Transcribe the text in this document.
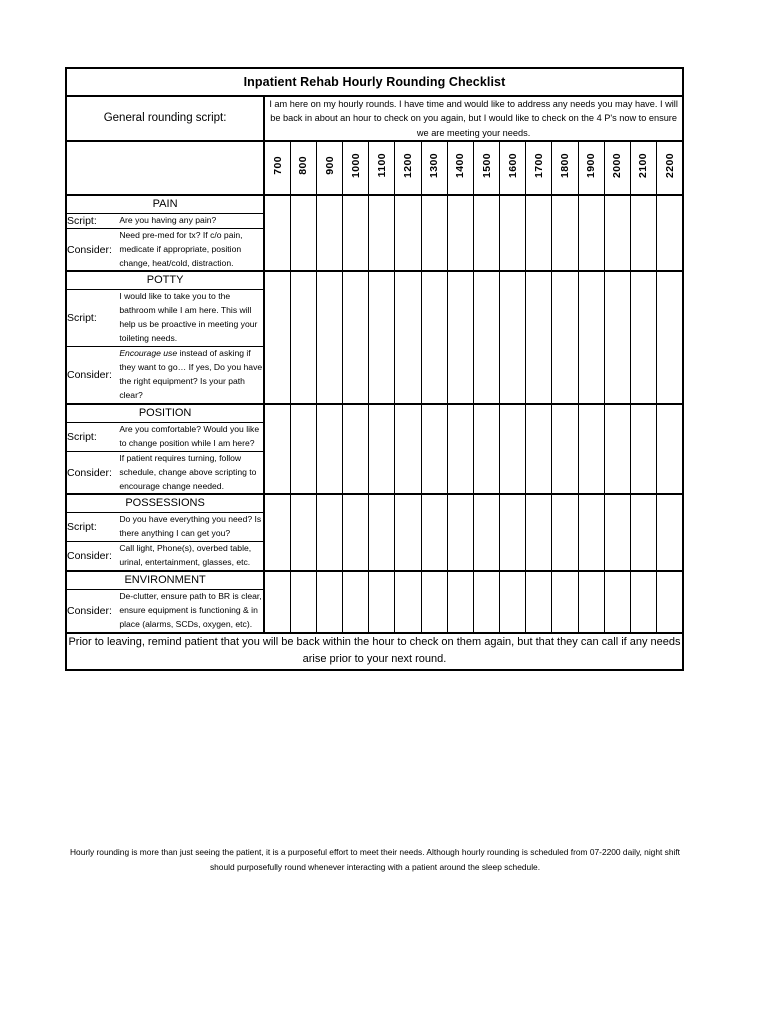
Inpatient Rehab Hourly Rounding Checklist																	
General rounding script:		I am here on my hourly rounds. I have time and would like to address any needs you may have. I will be back in about an hour to check on you again, but I would like to check on the 4 P's now to ensure we are meeting your needs.															
		700	800	900	1000	1100	1200	1300	1400	1500	1600	1700	1800	1900	2000	2100	2200
PAIN																	
Script:	Are you having any pain?																
Consider:	Need pre-med for tx? If c/o pain, medicate if appropriate, position change, heat/cold, distraction.																
POTTY																	
Script:	I would like to take you to the bathroom while I am here. This will help us be proactive in meeting your toileting needs.																
Consider:	Encourage use instead of asking if they want to go… If yes, Do you have the right equipment? Is your path clear?																
POSITION																	
Script:	Are you comfortable? Would you like to change position while I am here?																
Consider:	If patient requires turning, follow schedule, change above scripting to encourage change needed.																
POSSESSIONS																	
Script:	Do you have everything you need? Is there anything I can get you?																
Consider:	Call light, Phone(s), overbed table, urinal, entertainment, glasses, etc.																
ENVIRONMENT																	
Consider:	De-clutter, ensure path to BR is clear, ensure equipment is functioning & in place (alarms, SCDs, oxygen, etc).																
Prior to leaving, remind patient that you will be back within the hour to check on them again, but that they can call if any needs arise prior to your next round.																	
Hourly rounding is more than just seeing the patient, it is a purposeful effort to meet their needs. Although hourly rounding is scheduled from 07-2200 daily, night shift should purposefully round whenever interacting with a patient around the sleep schedule.
